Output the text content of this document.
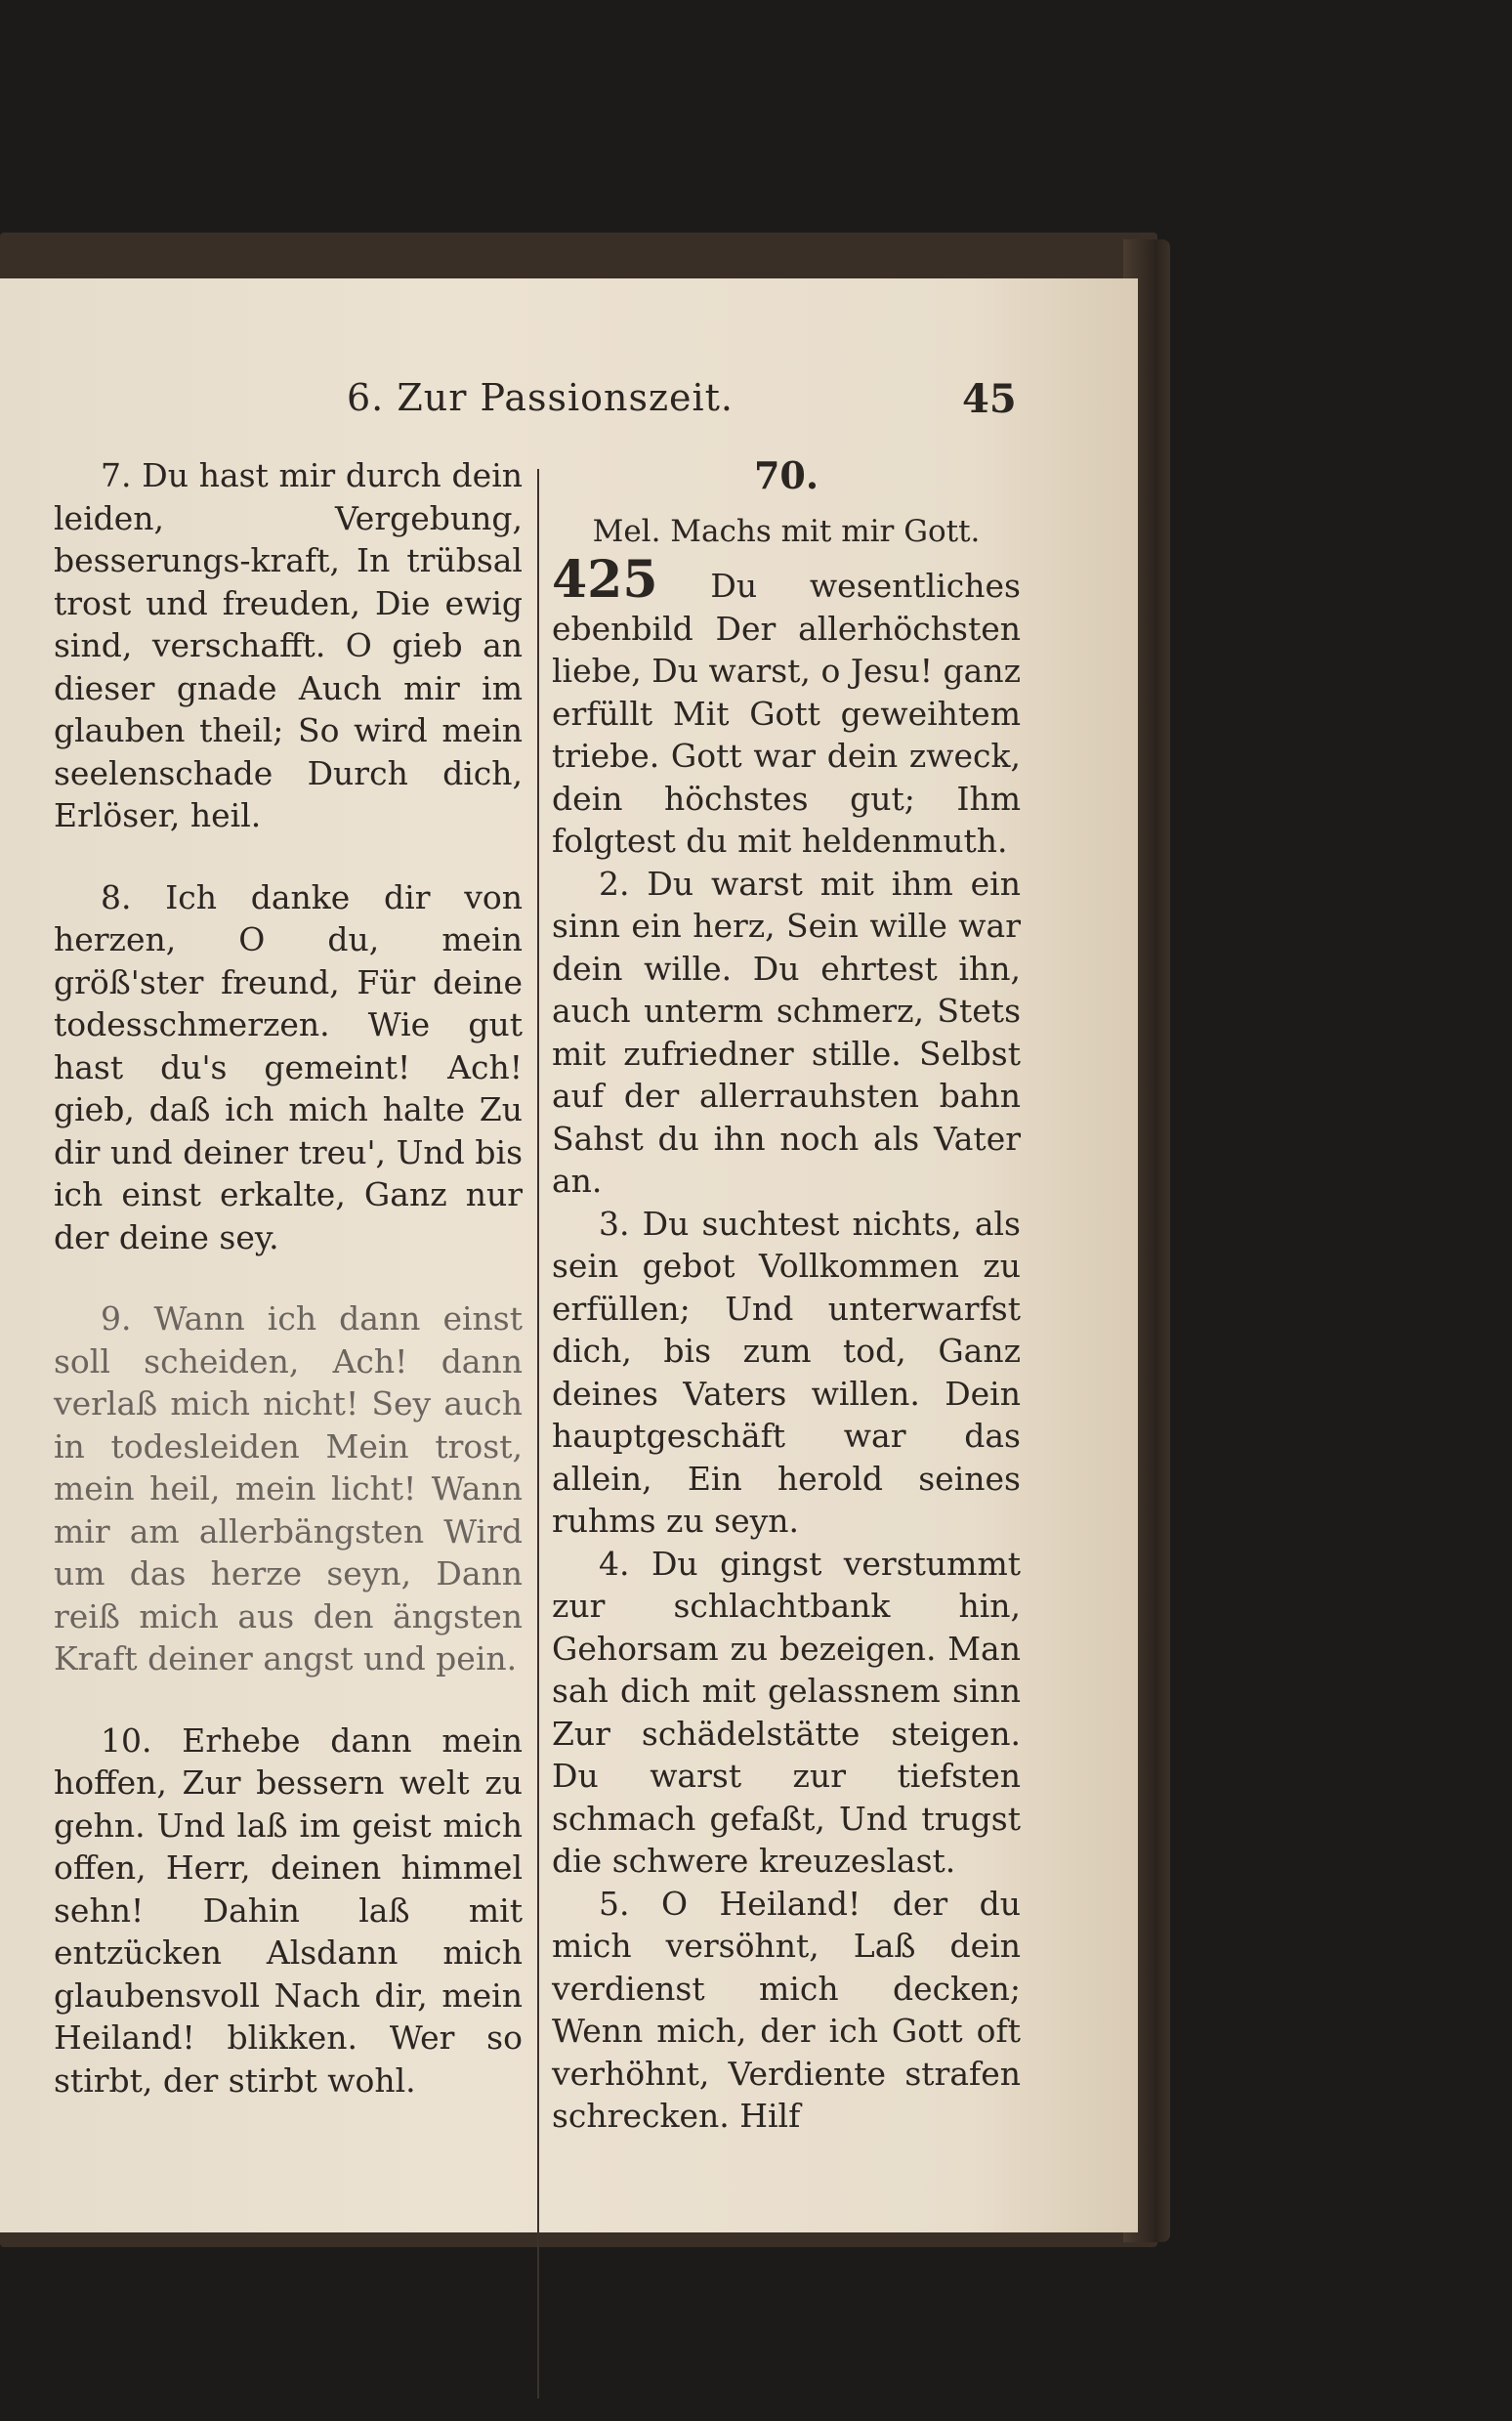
6. Zur Passionszeit.	45

7. Du hast mir durch dein leiden, Vergebung, besserungs-kraft, In trübsal trost und freuden, Die ewig sind, verschafft. O gieb an dieser gnade Auch mir im glauben theil; So wird mein seelenschade Durch dich, Erlöser, heil.

8. Ich danke dir von herzen, O du, mein größ'ster freund, Für deine todesschmerzen. Wie gut hast du's gemeint! Ach! gieb, daß ich mich halte Zu dir und deiner treu', Und bis ich einst erkalte, Ganz nur der deine sey.

9. Wann ich dann einst soll scheiden, Ach! dann verlaß mich nicht! Sey auch in todesleiden Mein trost, mein heil, mein licht! Wann mir am allerbängsten Wird um das herze seyn, Dann reiß mich aus den ängsten Kraft deiner angst und pein.

10. Erhebe dann mein hoffen, Zur bessern welt zu gehn. Und laß im geist mich offen, Herr, deinen himmel sehn! Dahin laß mit entzücken Alsdann mich glaubensvoll Nach dir, mein Heiland! blikken. Wer so stirbt, der stirbt wohl.

70.

Mel. Machs mit mir Gott.

425 Du wesentliches ebenbild Der allerhöchsten liebe, Du warst, o Jesu! ganz erfüllt Mit Gott geweihtem triebe. Gott war dein zweck, dein höchstes gut; Ihm folgtest du mit heldenmuth.

2. Du warst mit ihm ein sinn ein herz, Sein wille war dein wille. Du ehrtest ihn, auch unterm schmerz, Stets mit zufriedner stille. Selbst auf der allerrauhsten bahn Sahst du ihn noch als Vater an.

3. Du suchtest nichts, als sein gebot Vollkommen zu erfüllen; Und unterwarfst dich, bis zum tod, Ganz deines Vaters willen. Dein hauptgeschäft war das allein, Ein herold seines ruhms zu seyn.

4. Du gingst verstummt zur schlachtbank hin, Gehorsam zu bezeigen. Man sah dich mit gelassnem sinn Zur schädelstätte steigen. Du warst zur tiefsten schmach gefaßt, Und trugst die schwere kreuzeslast.

5. O Heiland! der du mich versöhnt, Laß dein verdienst mich decken; Wenn mich, der ich Gott oft verhöhnt, Verdiente strafen schrecken. Hilf
